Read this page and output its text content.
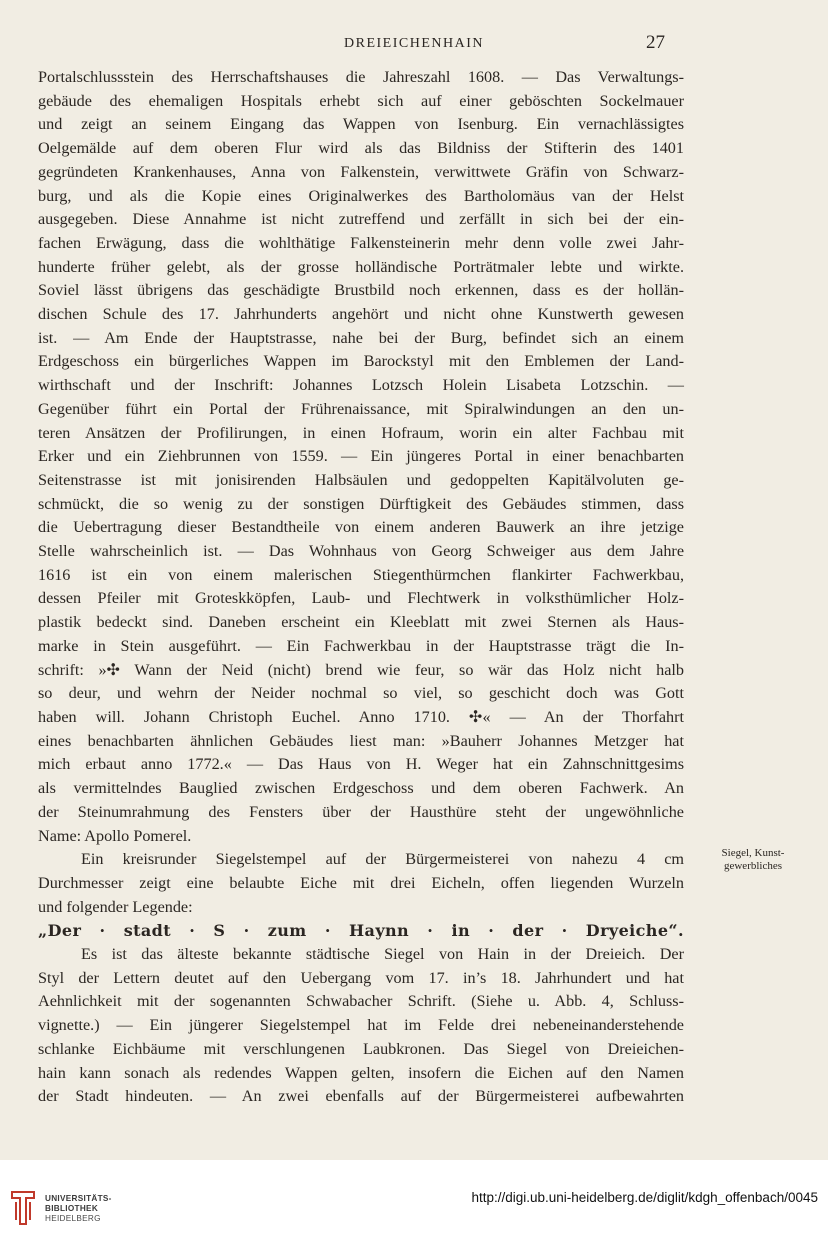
DREIEICHENHAIN	27

Portalschlussstein des Herrschaftshauses die Jahreszahl 1608. — Das Verwaltungs-

gebäude des ehemaligen Hospitals erhebt sich auf einer geböschten Sockelmauer

und zeigt an seinem Eingang das Wappen von Isenburg. Ein vernachlässigtes

Oelgemälde auf dem oberen Flur wird als das Bildniss der Stifterin des 1401

gegründeten Krankenhauses, Anna von Falkenstein, verwittwete Gräfin von Schwarz-

burg, und als die Kopie eines Originalwerkes des Bartholomäus van der Helst

ausgegeben. Diese Annahme ist nicht zutreffend und zerfällt in sich bei der ein-

fachen Erwägung, dass die wohlthätige Falkensteinerin mehr denn volle zwei Jahr-

hunderte früher gelebt, als der grosse holländische Porträtmaler lebte und wirkte.

Soviel lässt übrigens das geschädigte Brustbild noch erkennen, dass es der hollän-

dischen Schule des 17. Jahrhunderts angehört und nicht ohne Kunstwerth gewesen

ist. — Am Ende der Hauptstrasse, nahe bei der Burg, befindet sich an einem

Erdgeschoss ein bürgerliches Wappen im Barockstyl mit den Emblemen der Land-

wirthschaft und der Inschrift: Johannes Lotzsch Holein Lisabeta Lotzschin. —

Gegenüber führt ein Portal der Frührenaissance, mit Spiralwindungen an den un-

teren Ansätzen der Profilirungen, in einen Hofraum, worin ein alter Fachbau mit

Erker und ein Ziehbrunnen von 1559. — Ein jüngeres Portal in einer benachbarten

Seitenstrasse ist mit jonisirenden Halbsäulen und gedoppelten Kapitälvoluten ge-

schmückt, die so wenig zu der sonstigen Dürftigkeit des Gebäudes stimmen, dass

die Uebertragung dieser Bestandtheile von einem anderen Bauwerk an ihre jetzige

Stelle wahrscheinlich ist. — Das Wohnhaus von Georg Schweiger aus dem Jahre

1616 ist ein von einem malerischen Stiegenthürmchen flankirter Fachwerkbau,

dessen Pfeiler mit Groteskköpfen, Laub- und Flechtwerk in volksthümlicher Holz-

plastik bedeckt sind. Daneben erscheint ein Kleeblatt mit zwei Sternen als Haus-

marke in Stein ausgeführt. — Ein Fachwerkbau in der Hauptstrasse trägt die In-

schrift: »✣ Wann der Neid (nicht) brend wie feur, so wär das Holz nicht halb

so deur, und wehrn der Neider nochmal so viel, so geschicht doch was Gott

haben will. Johann Christoph Euchel. Anno 1710. ✣« — An der Thorfahrt

eines benachbarten ähnlichen Gebäudes liest man: »Bauherr Johannes Metzger hat

mich erbaut anno 1772.« — Das Haus von H. Weger hat ein Zahnschnittgesims

als vermittelndes Bauglied zwischen Erdgeschoss und dem oberen Fachwerk. An

der Steinumrahmung des Fensters über der Hausthüre steht der ungewöhnliche

Name: Apollo Pomerel.

Ein kreisrunder Siegelstempel auf der Bürgermeisterei von nahezu 4 cm

Durchmesser zeigt eine belaubte Eiche mit drei Eicheln, offen liegenden Wurzeln

und folgender Legende:

„Der · stadt · S · zum · Haynn · in · der · Dryeiche“.

Es ist das älteste bekannte städtische Siegel von Hain in der Dreieich. Der

Styl der Lettern deutet auf den Uebergang vom 17. in’s 18. Jahrhundert und hat

Aehnlichkeit mit der sogenannten Schwabacher Schrift. (Siehe u. Abb. 4, Schluss-

vignette.) — Ein jüngerer Siegelstempel hat im Felde drei nebeneinanderstehende

schlanke Eichbäume mit verschlungenen Laubkronen. Das Siegel von Dreieichen-

hain kann sonach als redendes Wappen gelten, insofern die Eichen auf den Namen

der Stadt hindeuten. — An zwei ebenfalls auf der Bürgermeisterei aufbewahrten

Siegel, Kunst-
gewerbliches
UNIVERSITÄTS-
BIBLIOTHEK
HEIDELBERG
http://digi.ub.uni-heidelberg.de/diglit/kdgh_offenbach/0045
